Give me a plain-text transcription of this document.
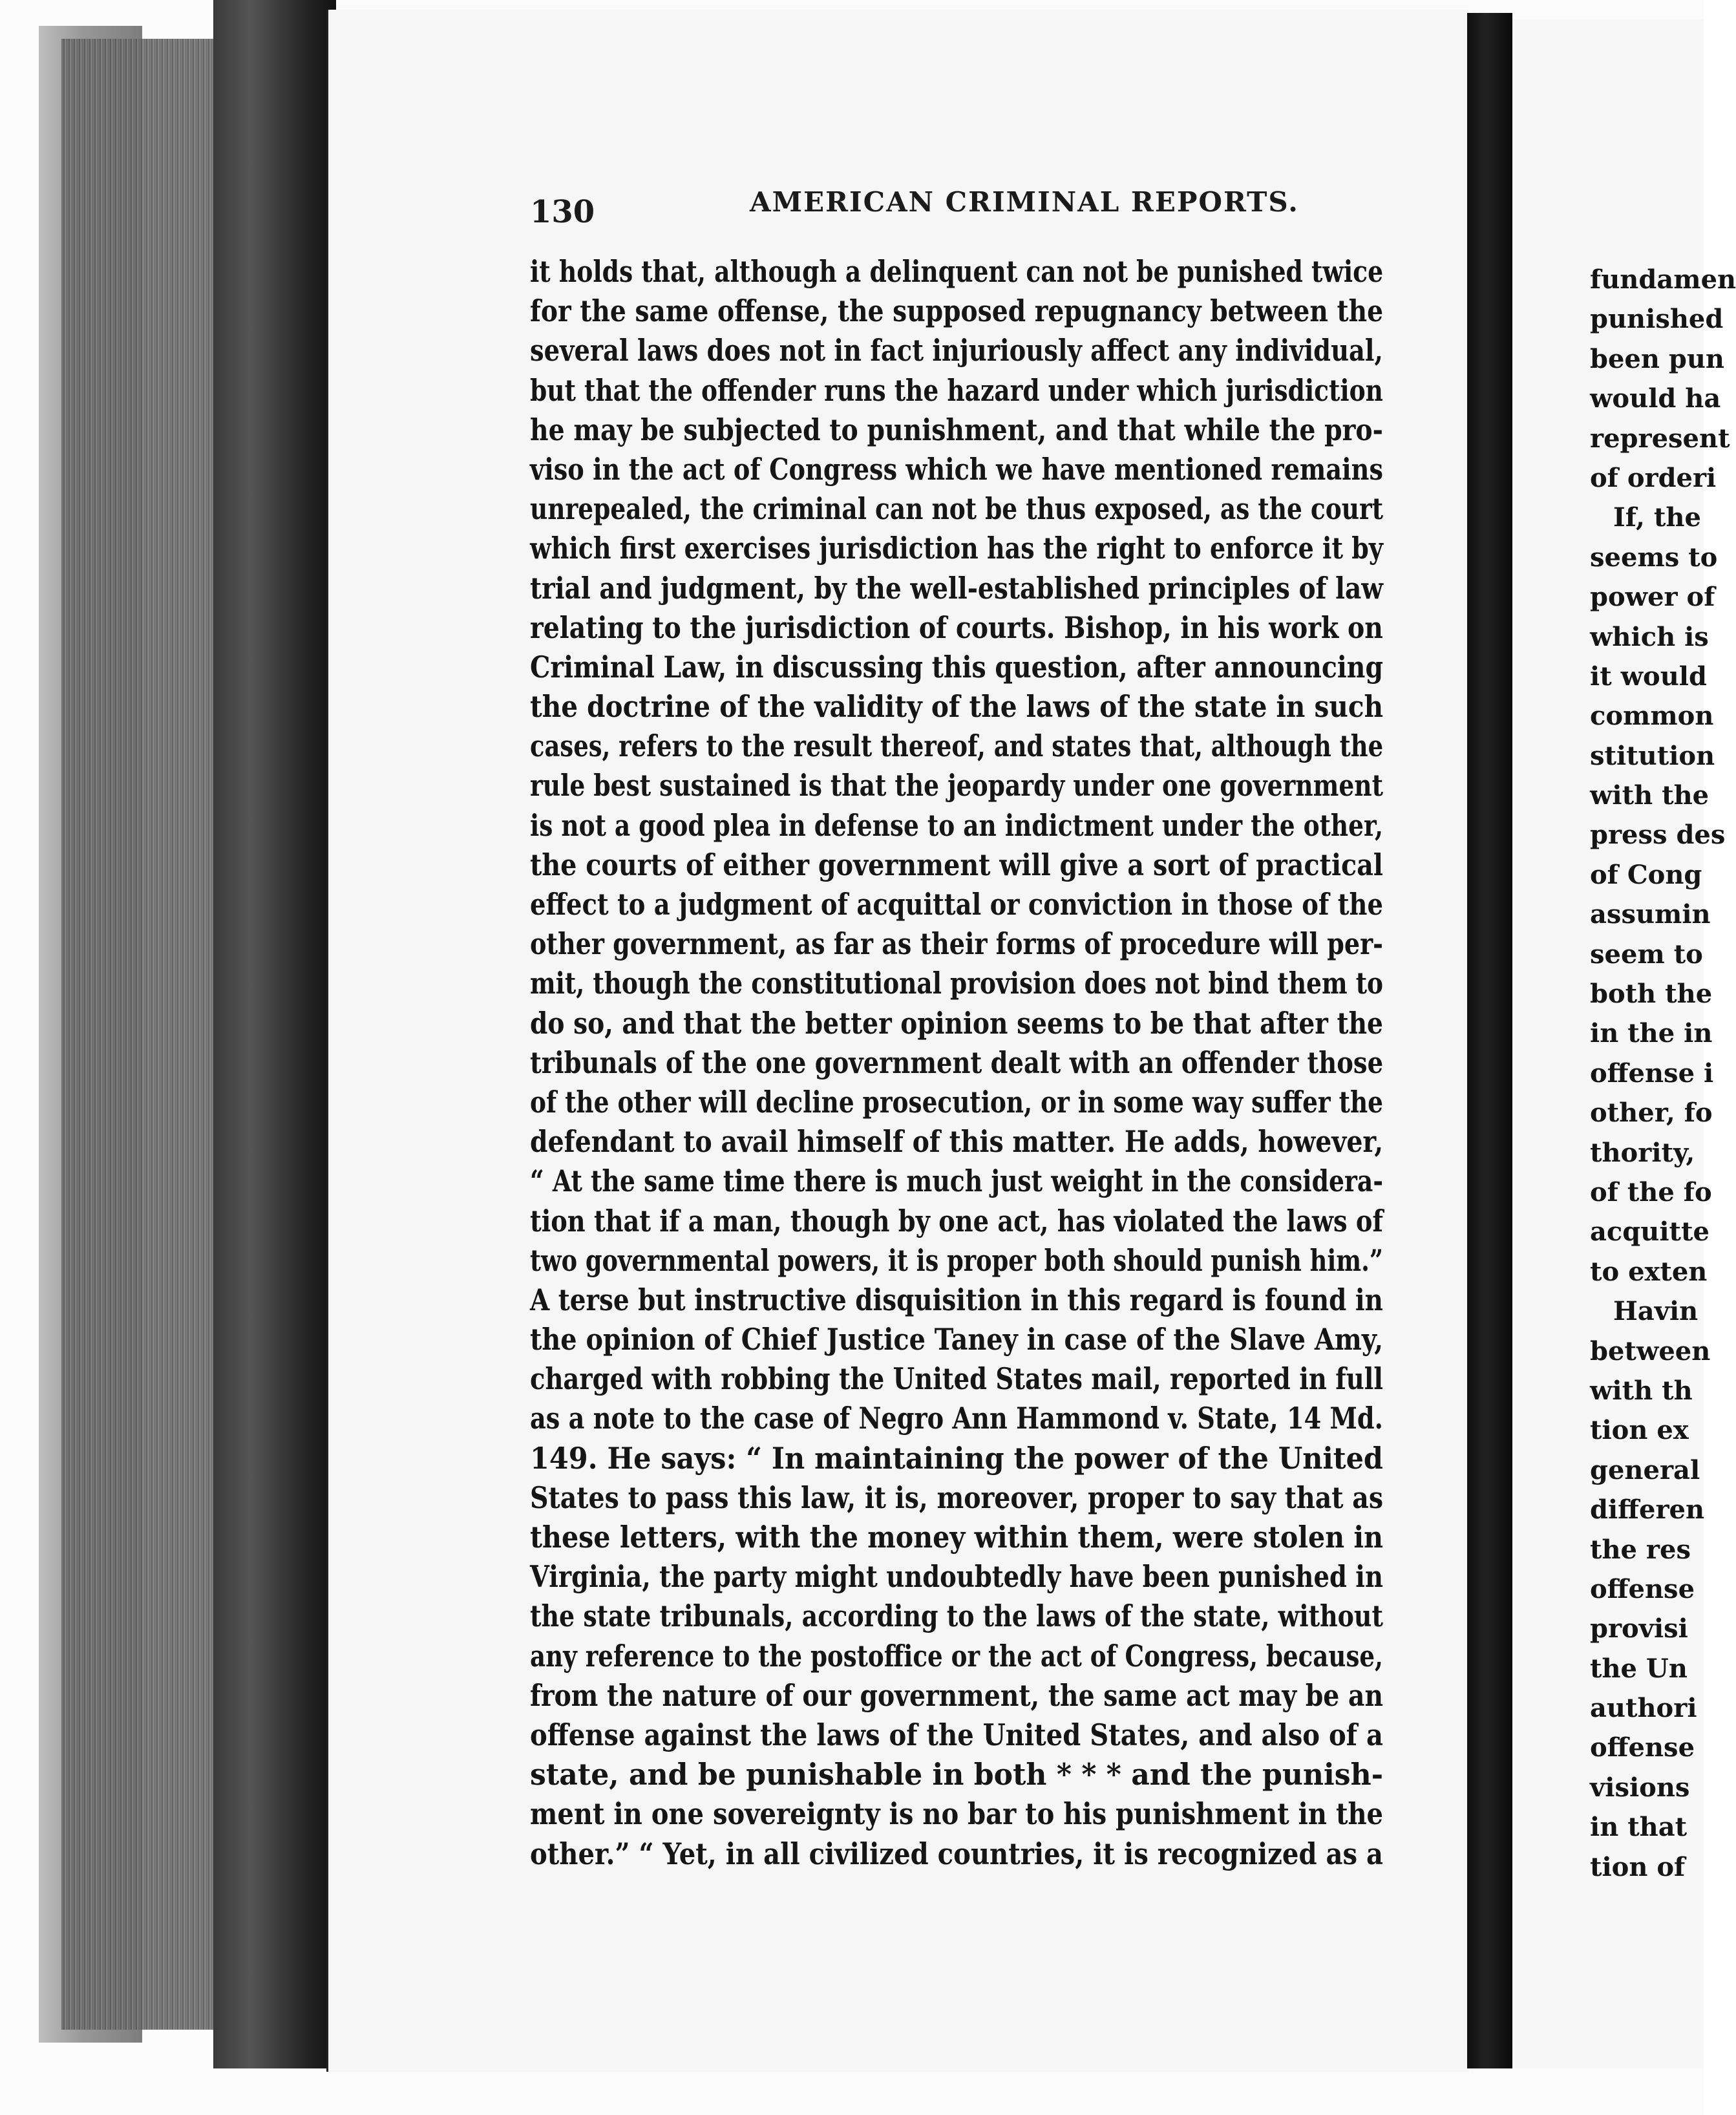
130	AMERICAN CRIMINAL REPORTS.
it holds that, although a delinquent can not be punished twice
for the same offense, the supposed repugnancy between the
several laws does not in fact injuriously affect any individual,
but that the offender runs the hazard under which jurisdiction
he may be subjected to punishment, and that while the pro-
viso in the act of Congress which we have mentioned remains
unrepealed, the criminal can not be thus exposed, as the court
which first exercises jurisdiction has the right to enforce it by
trial and judgment, by the well-established principles of law
relating to the jurisdiction of courts. Bishop, in his work on
Criminal Law, in discussing this question, after announcing
the doctrine of the validity of the laws of the state in such
cases, refers to the result thereof, and states that, although the
rule best sustained is that the jeopardy under one government
is not a good plea in defense to an indictment under the other,
the courts of either government will give a sort of practical
effect to a judgment of acquittal or conviction in those of the
other government, as far as their forms of procedure will per-
mit, though the constitutional provision does not bind them to
do so, and that the better opinion seems to be that after the
tribunals of the one government dealt with an offender those
of the other will decline prosecution, or in some way suffer the
defendant to avail himself of this matter. He adds, however,
“ At the same time there is much just weight in the considera-
tion that if a man, though by one act, has violated the laws of
two governmental powers, it is proper both should punish him.”
A terse but instructive disquisition in this regard is found in
the opinion of Chief Justice Taney in case of the Slave Amy,
charged with robbing the United States mail, reported in full
as a note to the case of Negro Ann Hammond v. State, 14 Md.
149. He says: “ In maintaining the power of the United
States to pass this law, it is, moreover, proper to say that as
these letters, with the money within them, were stolen in
Virginia, the party might undoubtedly have been punished in
the state tribunals, according to the laws of the state, without
any reference to the postoffice or the act of Congress, because,
from the nature of our government, the same act may be an
offense against the laws of the United States, and also of a
state, and be punishable in both * * * and the punish-
ment in one sovereignty is no bar to his punishment in the
other.” “ Yet, in all civilized countries, it is recognized as a
fundamen
punished
been pun
would ha
represent
of orderi
If, the
seems to
power of
which is
it would
common
stitution
with the
press des
of Cong
assumin
seem to
both the
in the in
offense i
other, fo
thority,
of the fo
acquitte
to exten
Havin
between
with th
tion ex
general
differen
the res
offense
provisi
the Un
authori
offense
visions
in that
tion of
